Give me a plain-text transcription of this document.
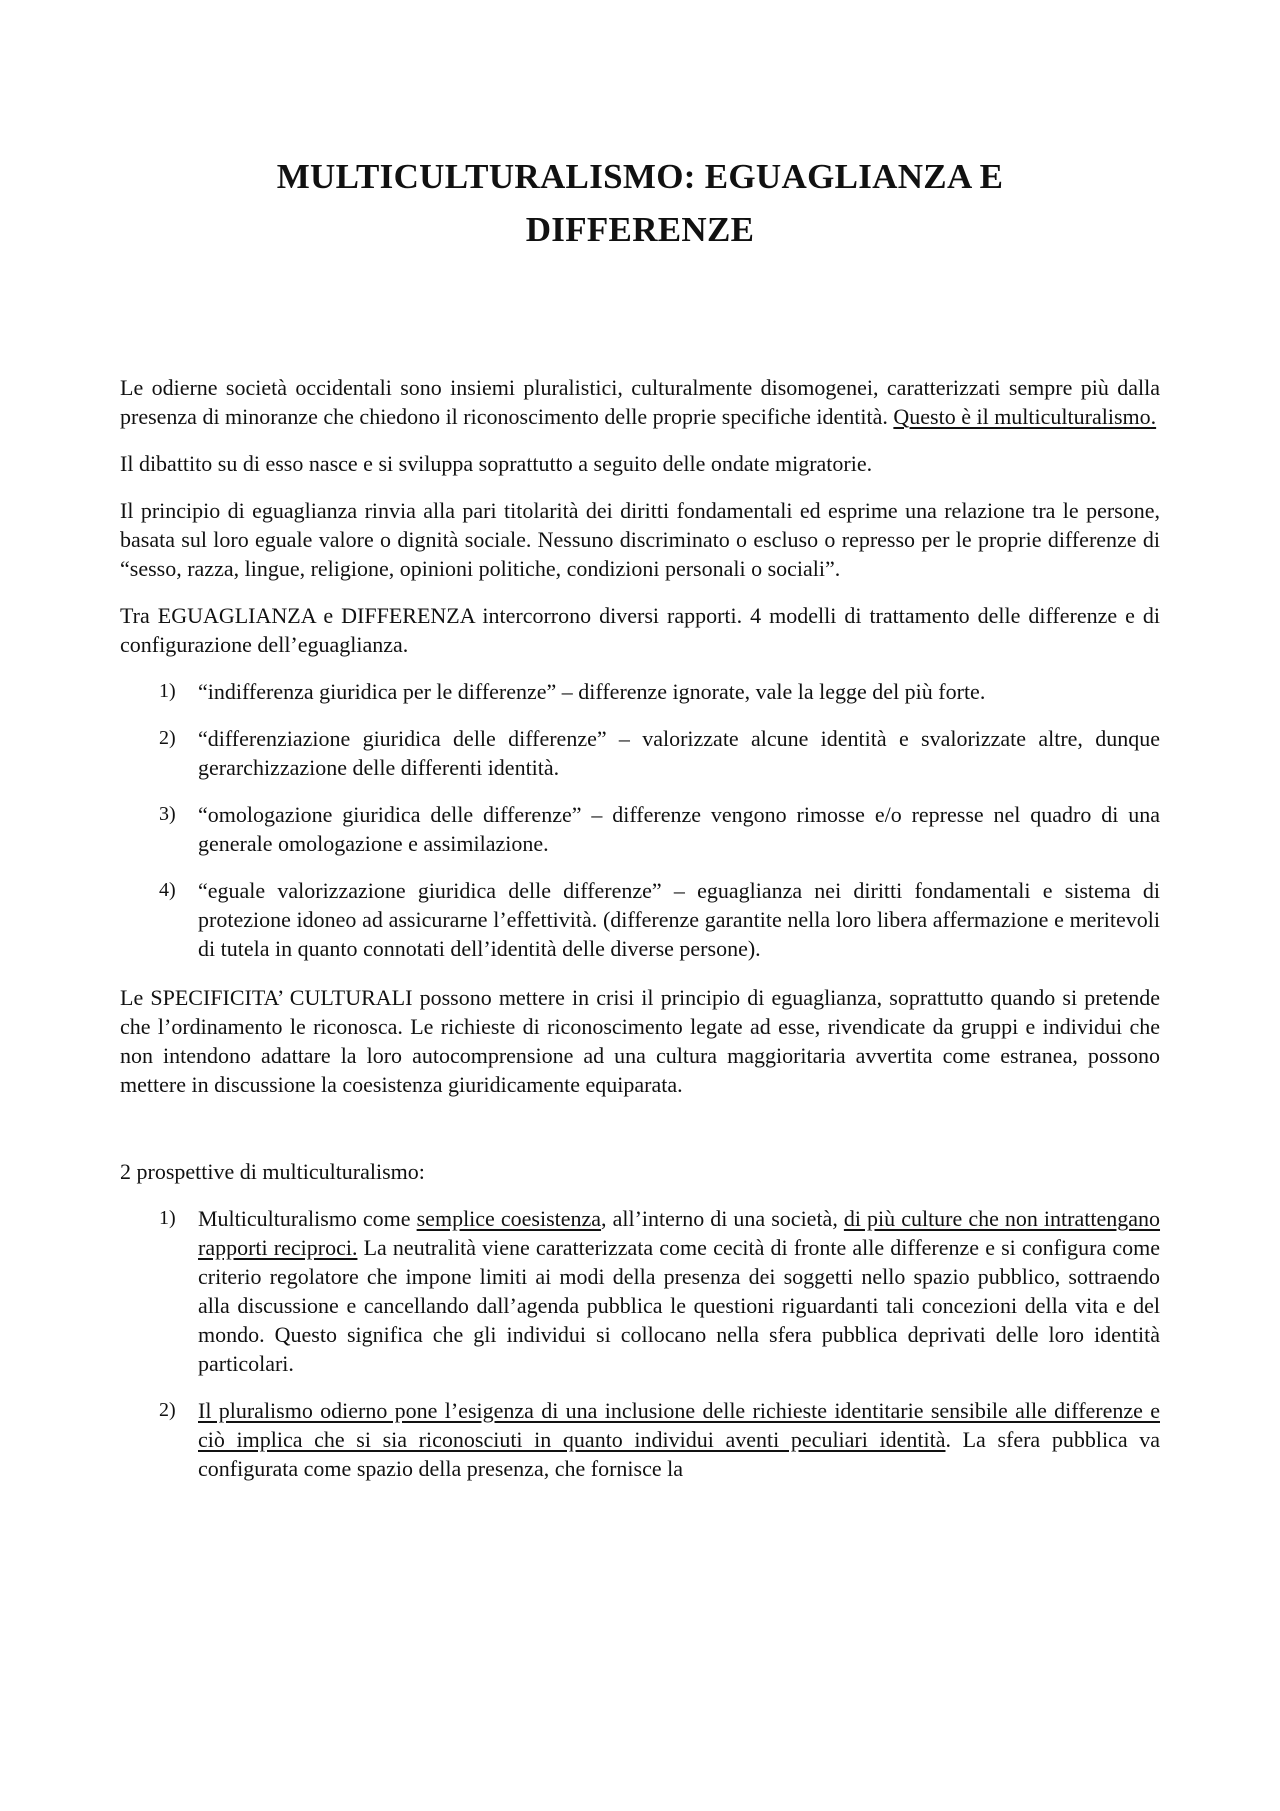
MULTICULTURALISMO: EGUAGLIANZA E DIFFERENZE

Le odierne società occidentali sono insiemi pluralistici, culturalmente disomogenei, caratterizzati sempre più dalla presenza di minoranze che chiedono il riconoscimento delle proprie specifiche identità. Questo è il multiculturalismo.

Il dibattito su di esso nasce e si sviluppa soprattutto a seguito delle ondate migratorie.

Il principio di eguaglianza rinvia alla pari titolarità dei diritti fondamentali ed esprime una relazione tra le persone, basata sul loro eguale valore o dignità sociale. Nessuno discriminato o escluso o represso per le proprie differenze di “sesso, razza, lingue, religione, opinioni politiche, condizioni personali o sociali”.

Tra EGUAGLIANZA e DIFFERENZA intercorrono diversi rapporti. 4 modelli di trattamento delle differenze e di configurazione dell’eguaglianza.

1) “indifferenza giuridica per le differenze” – differenze ignorate, vale la legge del più forte.
2) “differenziazione giuridica delle differenze” – valorizzate alcune identità e svalorizzate altre, dunque gerarchizzazione delle differenti identità.
3) “omologazione giuridica delle differenze” – differenze vengono rimosse e/o represse nel quadro di una generale omologazione e assimilazione.
4) “eguale valorizzazione giuridica delle differenze” – eguaglianza nei diritti fondamentali e sistema di protezione idoneo ad assicurarne l’effettività. (differenze garantite nella loro libera affermazione e meritevoli di tutela in quanto connotati dell’identità delle diverse persone).

Le SPECIFICITA’ CULTURALI possono mettere in crisi il principio di eguaglianza, soprattutto quando si pretende che l’ordinamento le riconosca. Le richieste di riconoscimento legate ad esse, rivendicate da gruppi e individui che non intendono adattare la loro autocomprensione ad una cultura maggioritaria avvertita come estranea, possono mettere in discussione la coesistenza giuridicamente equiparata.

2 prospettive di multiculturalismo:

1) Multiculturalismo come semplice coesistenza, all’interno di una società, di più culture che non intrattengano rapporti reciproci. La neutralità viene caratterizzata come cecità di fronte alle differenze e si configura come criterio regolatore che impone limiti ai modi della presenza dei soggetti nello spazio pubblico, sottraendo alla discussione e cancellando dall’agenda pubblica le questioni riguardanti tali concezioni della vita e del mondo. Questo significa che gli individui si collocano nella sfera pubblica deprivati delle loro identità particolari.
2) Il pluralismo odierno pone l’esigenza di una inclusione delle richieste identitarie sensibile alle differenze e ciò implica che si sia riconosciuti in quanto individui aventi peculiari identità. La sfera pubblica va configurata come spazio della presenza, che fornisce la
